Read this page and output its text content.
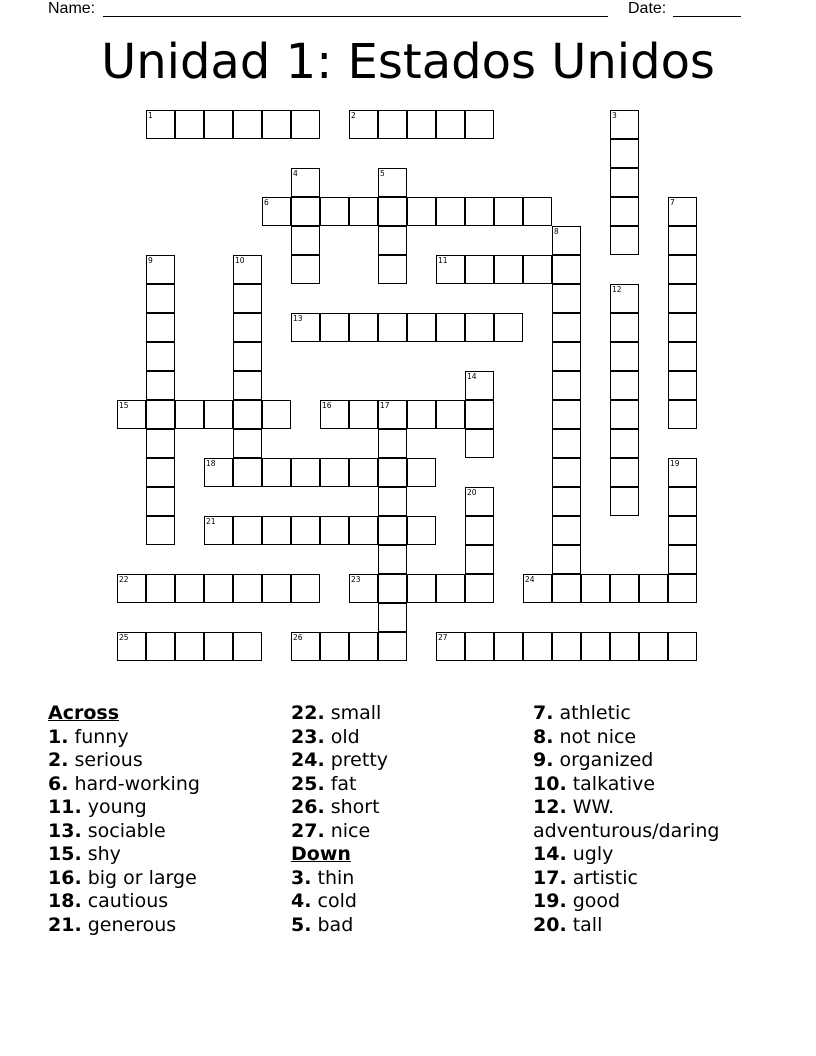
Name:	Date:
Unidad 1: Estados Unidos
1	2	3
4	5
6	7
8
9	10	11
12
13
14
15	16	17
18	19
20
21
22	23	24
25	26	27
Across
1. funny
2. serious
6. hard-working
11. young
13. sociable
15. shy
16. big or large
18. cautious
21. generous
22. small
23. old
24. pretty
25. fat
26. short
27. nice
Down
3. thin
4. cold
5. bad
7. athletic
8. not nice
9. organized
10. talkative
12. WW.
adventurous/daring
14. ugly
17. artistic
19. good
20. tall
